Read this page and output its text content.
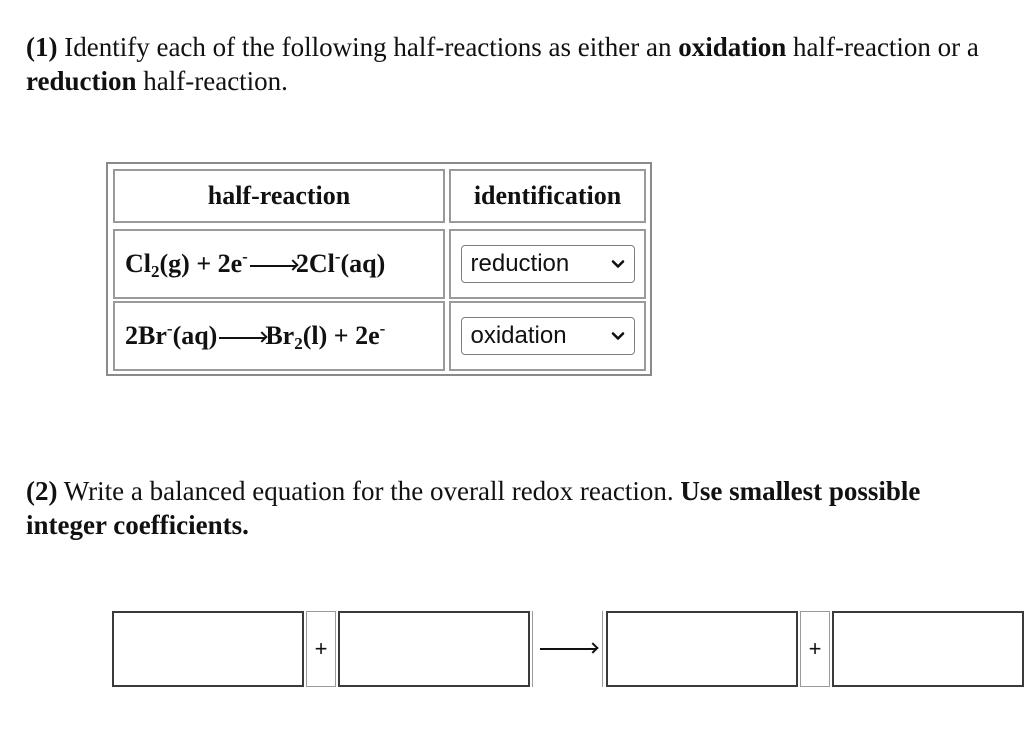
(1) Identify each of the following half-reactions as either an oxidation half-reaction or a reduction half-reaction.

half-reaction	identification
$Cl_2(g) + 2e^-$ 2Cl-(aq)	reduction
2Br-(aq) $Br_2(l) + 2e^-$	oxidation

(2) Write a balanced equation for the overall redox reaction. Use smallest possible integer coefficients.

+	+
